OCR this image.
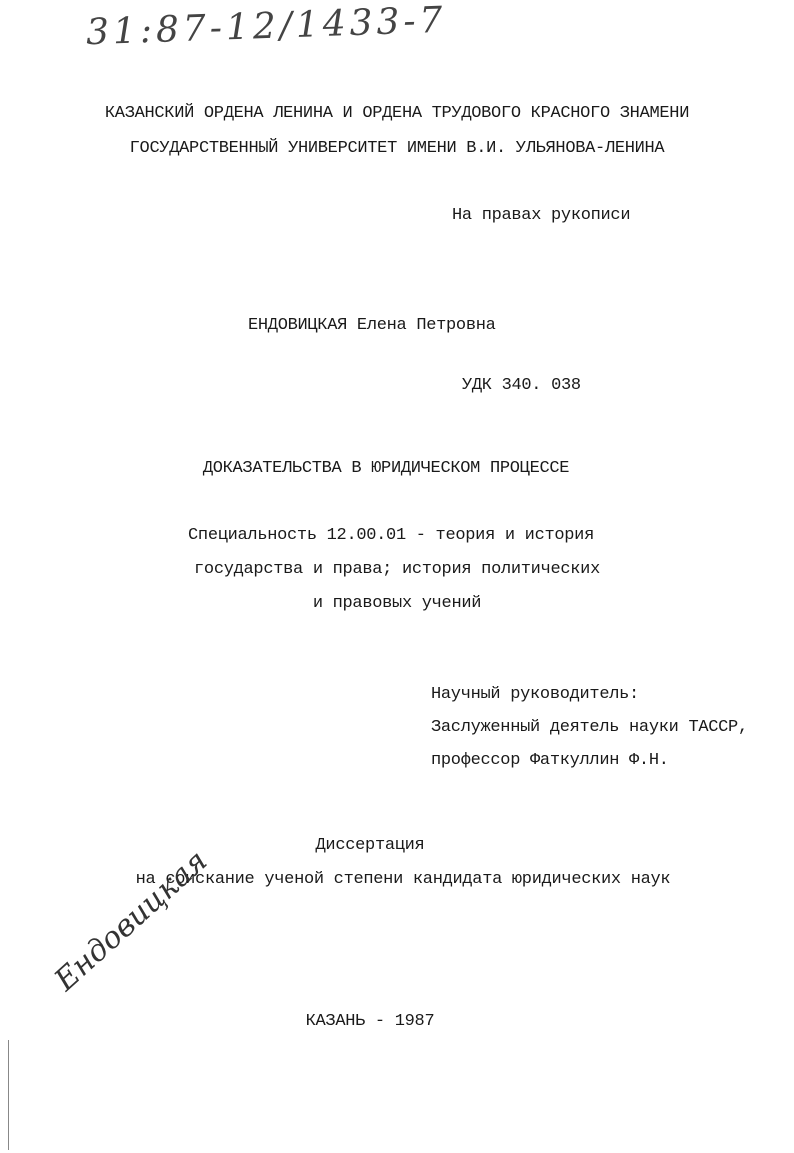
31:87-12/1433-7
КАЗАНСКИЙ ОРДЕНА ЛЕНИНА И ОРДЕНА ТРУДОВОГО КРАСНОГО ЗНАМЕНИ
ГОСУДАРСТВЕННЫЙ УНИВЕРСИТЕТ ИМЕНИ В.И. УЛЬЯНОВА-ЛЕНИНА
На правах рукописи
ЕНДОВИЦКАЯ Елена Петровна
УДК 340. 038
ДОКАЗАТЕЛЬСТВА В ЮРИДИЧЕСКОМ ПРОЦЕССЕ
Специальность 12.00.01 - теория и история
государства и права; история политических
и правовых учений
Научный руководитель:
Заслуженный деятель науки ТАССР,
профессор Фаткуллин Ф.Н.
Диссертация
на соискание ученой степени кандидата юридических наук
Ендовицкая
КАЗАНЬ - 1987
